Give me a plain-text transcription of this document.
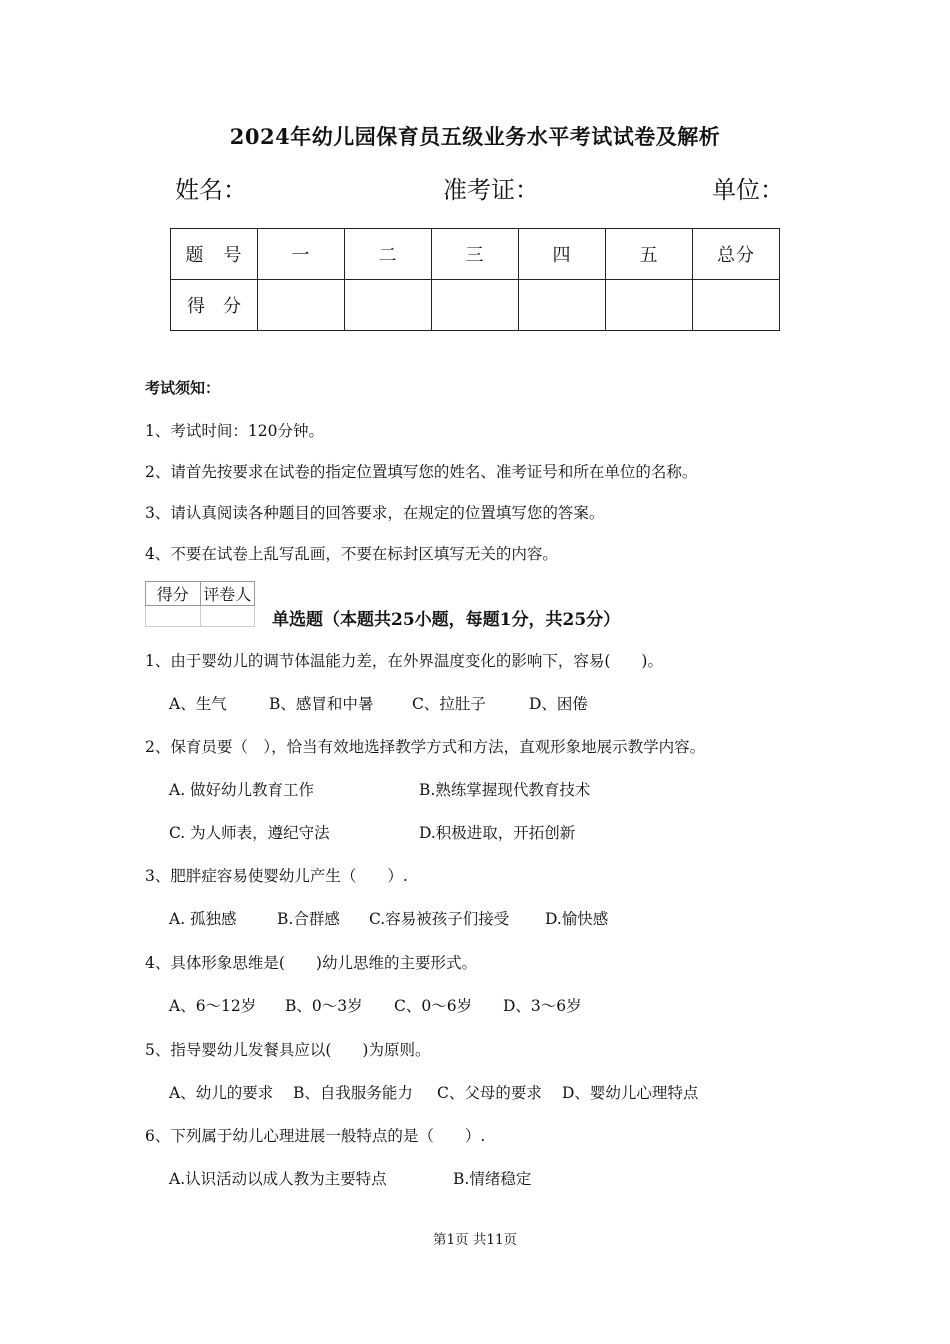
2024年幼儿园保育员五级业务水平考试试卷及解析
姓名：	准考证：	单位：
题　号	一	二	三	四	五	总分
得　分						
考试须知：
1、考试时间：120分钟。
2、请首先按要求在试卷的指定位置填写您的姓名、准考证号和所在单位的名称。
3、请认真阅读各种题目的回答要求，在规定的位置填写您的答案。
4、不要在试卷上乱写乱画，不要在标封区填写无关的内容。
得分	评卷人

单选题（本题共25小题，每题1分，共25分）
1、由于婴幼儿的调节体温能力差，在外界温度变化的影响下，容易(　　)。
A、生气	B、感冒和中暑 C、拉肚子	D、困倦
2、保育员要（　），恰当有效地选择教学方式和方法，直观形象地展示教学内容。
A. 做好幼儿教育工作	B.熟练掌握现代教育技术
C. 为人师表，遵纪守法	D.积极进取，开拓创新
3、肥胖症容易使婴幼儿产生（　　）.
A. 孤独感	B.合群感 C.容易被孩子们接受 D.愉快感
4、具体形象思维是(　　)幼儿思维的主要形式。
A、6～12岁 B、0～3岁 C、0～6岁 D、3～6岁
5、指导婴幼儿发餐具应以(　　)为原则。
A、幼儿的要求 B、自我服务能力 C、父母的要求 D、婴幼儿心理特点
6、下列属于幼儿心理进展一般特点的是（　　）.
A.认识活动以成人教为主要特点	B.情绪稳定
第1页 共11页
